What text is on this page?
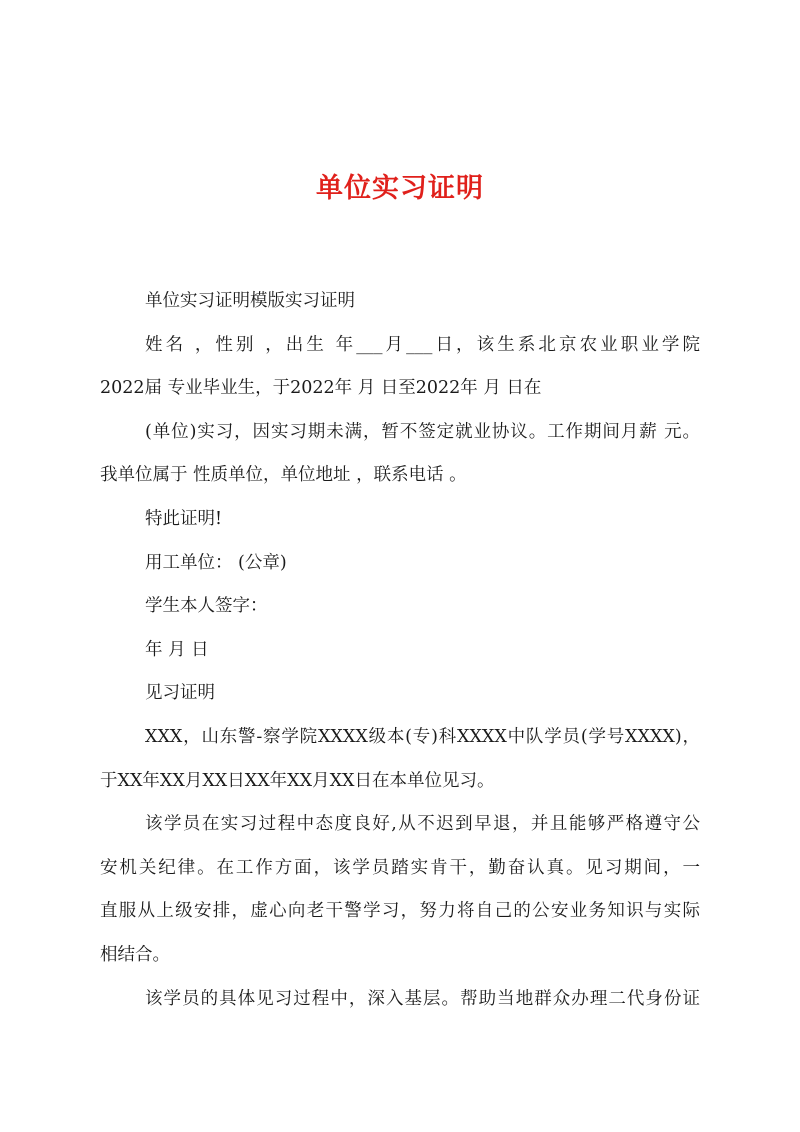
单位实习证明

单位实习证明模版实习证明

姓名 ，性别 ，出生 年___月___日，该生系北京农业职业学院

2022届 专业毕业生，于2022年 月 日至2022年 月 日在

(单位)实习，因实习期未满，暂不签定就业协议。工作期间月薪 元。

我单位属于 性质单位，单位地址 ，联系电话 。

特此证明!

用工单位： (公章)

学生本人签字：

年 月 日

见习证明

XXX，山东警-察学院XXXX级本(专)科XXXX中队学员(学号XXXX)，

于XX年XX月XX日XX年XX月XX日在本单位见习。

该学员在实习过程中态度良好,从不迟到早退，并且能够严格遵守公

安机关纪律。在工作方面，该学员踏实肯干，勤奋认真。见习期间，一

直服从上级安排，虚心向老干警学习，努力将自己的公安业务知识与实际

相结合。

该学员的具体见习过程中，深入基层。帮助当地群众办理二代身份证
